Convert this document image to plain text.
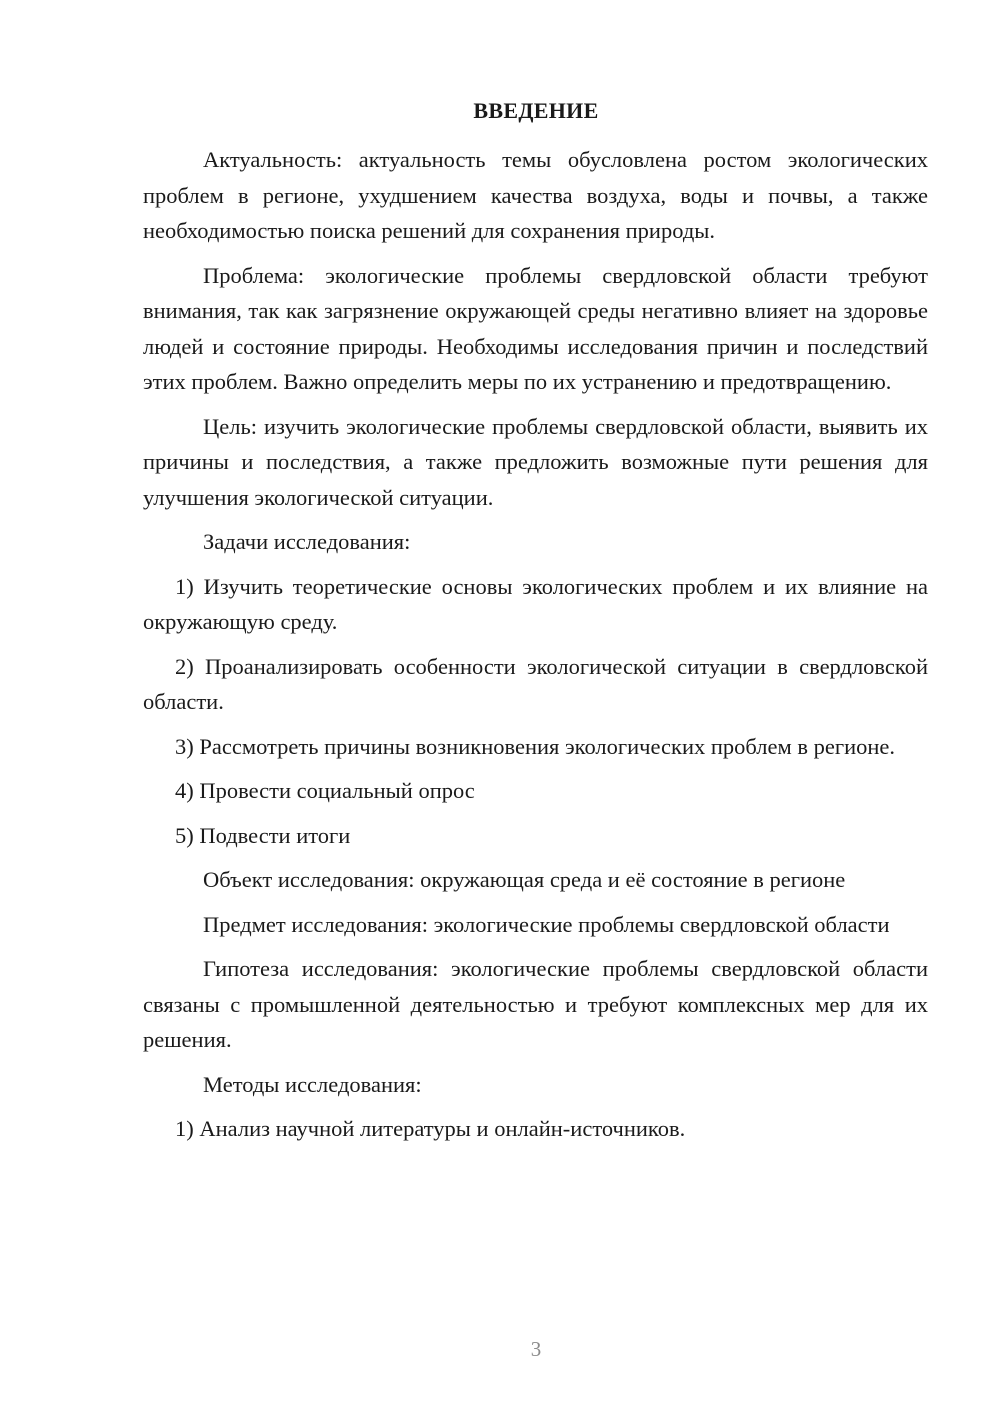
ВВЕДЕНИЕ

Актуальность: актуальность темы обусловлена ростом экологических проблем в регионе, ухудшением качества воздуха, воды и почвы, а также необходимостью поиска решений для сохранения природы.

Проблема: экологические проблемы свердловской области требуют внимания, так как загрязнение окружающей среды негативно влияет на здоровье людей и состояние природы. Необходимы исследования причин и последствий этих проблем. Важно определить меры по их устранению и предотвращению.

Цель: изучить экологические проблемы свердловской области, выявить их причины и последствия, а также предложить возможные пути решения для улучшения экологической ситуации.

Задачи исследования:

1) Изучить теоретические основы экологических проблем и их влияние на окружающую среду.

2) Проанализировать особенности экологической ситуации в свердловской области.

3) Рассмотреть причины возникновения экологических проблем в регионе.

4) Провести социальный опрос

5) Подвести итоги

Объект исследования: окружающая среда и её состояние в регионе

Предмет исследования: экологические проблемы свердловской области

Гипотеза исследования: экологические проблемы свердловской области связаны с промышленной деятельностью и требуют комплексных мер для их решения.

Методы исследования:

1) Анализ научной литературы и онлайн-источников.

3
